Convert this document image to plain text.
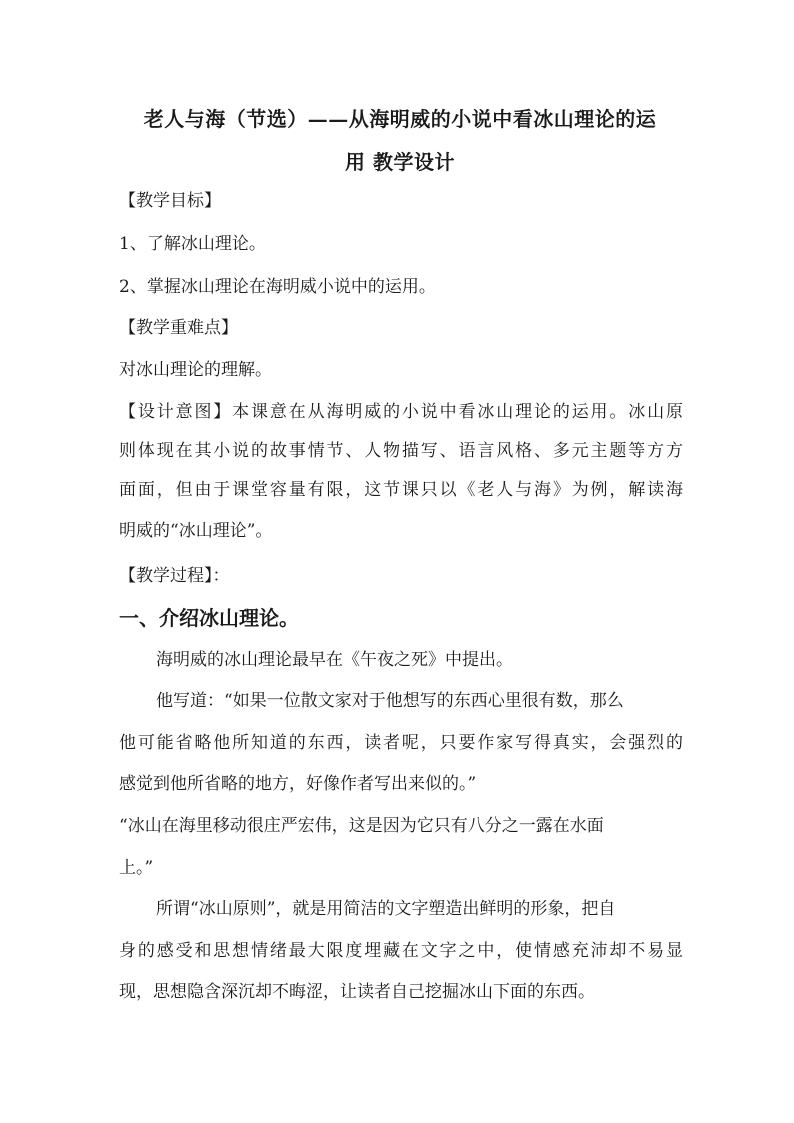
老人与海（节选）——从海明威的小说中看冰山理论的运
用 教学设计
【教学目标】
1、了解冰山理论。
2、掌握冰山理论在海明威小说中的运用。
【教学重难点】
对冰山理论的理解。
【设计意图】本课意在从海明威的小说中看冰山理论的运用。冰山原
则体现在其小说的故事情节、人物描写、语言风格、多元主题等方方
面面，但由于课堂容量有限，这节课只以《老人与海》为例，解读海
明威的“冰山理论”。
【教学过程】：
一、介绍冰山理论。
海明威的冰山理论最早在《午夜之死》中提出。
他写道：“如果一位散文家对于他想写的东西心里很有数，那么
他可能省略他所知道的东西，读者呢，只要作家写得真实，会强烈的
感觉到他所省略的地方，好像作者写出来似的。”
“冰山在海里移动很庄严宏伟，这是因为它只有八分之一露在水面
上。”
所谓“冰山原则”，就是用简洁的文字塑造出鲜明的形象，把自
身的感受和思想情绪最大限度埋藏在文字之中，使情感充沛却不易显
现，思想隐含深沉却不晦涩，让读者自己挖掘冰山下面的东西。
